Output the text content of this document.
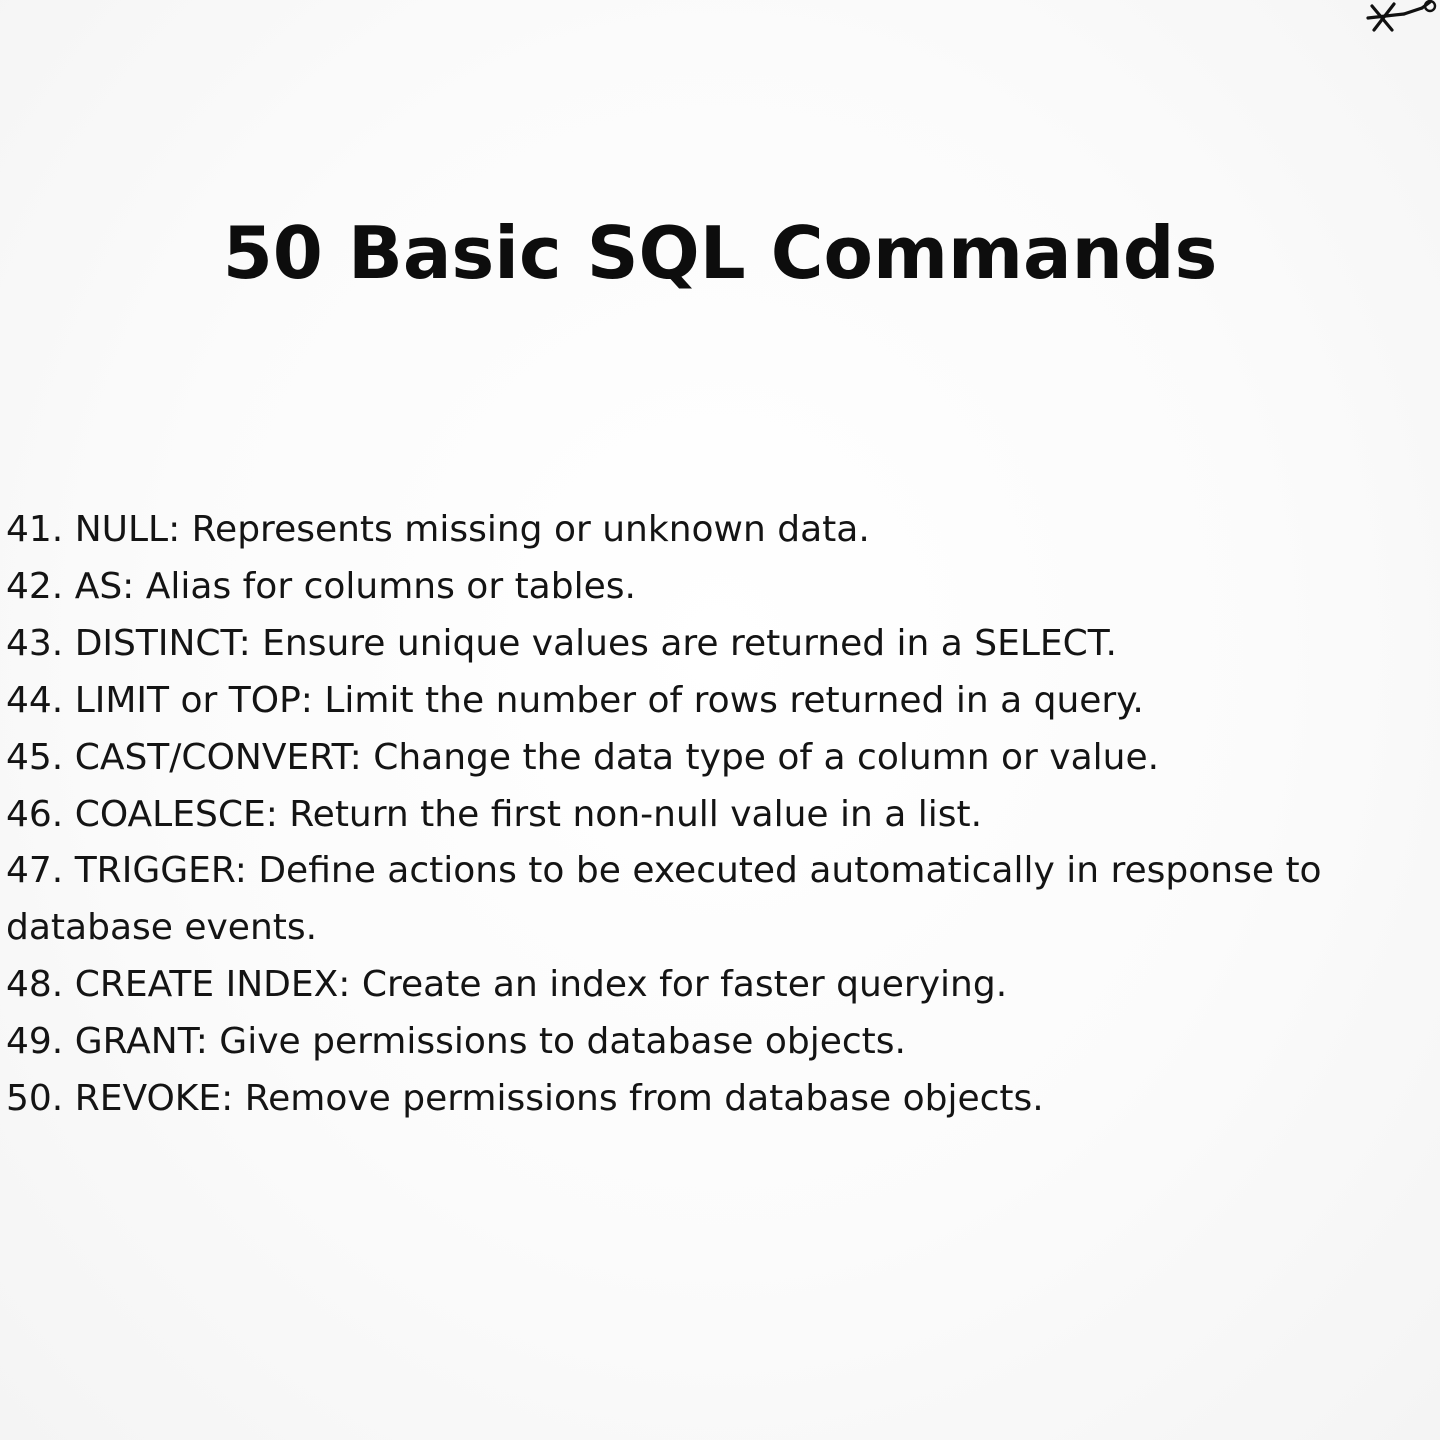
50 Basic SQL Commands
41. NULL: Represents missing or unknown data.
42. AS: Alias for columns or tables.
43. DISTINCT: Ensure unique values are returned in a SELECT.
44. LIMIT or TOP: Limit the number of rows returned in a query.
45. CAST/CONVERT: Change the data type of a column or value.
46. COALESCE: Return the first non-null value in a list.
47. TRIGGER: Define actions to be executed automatically in response to database events.
48. CREATE INDEX: Create an index for faster querying.
49. GRANT: Give permissions to database objects.
50. REVOKE: Remove permissions from database objects.
